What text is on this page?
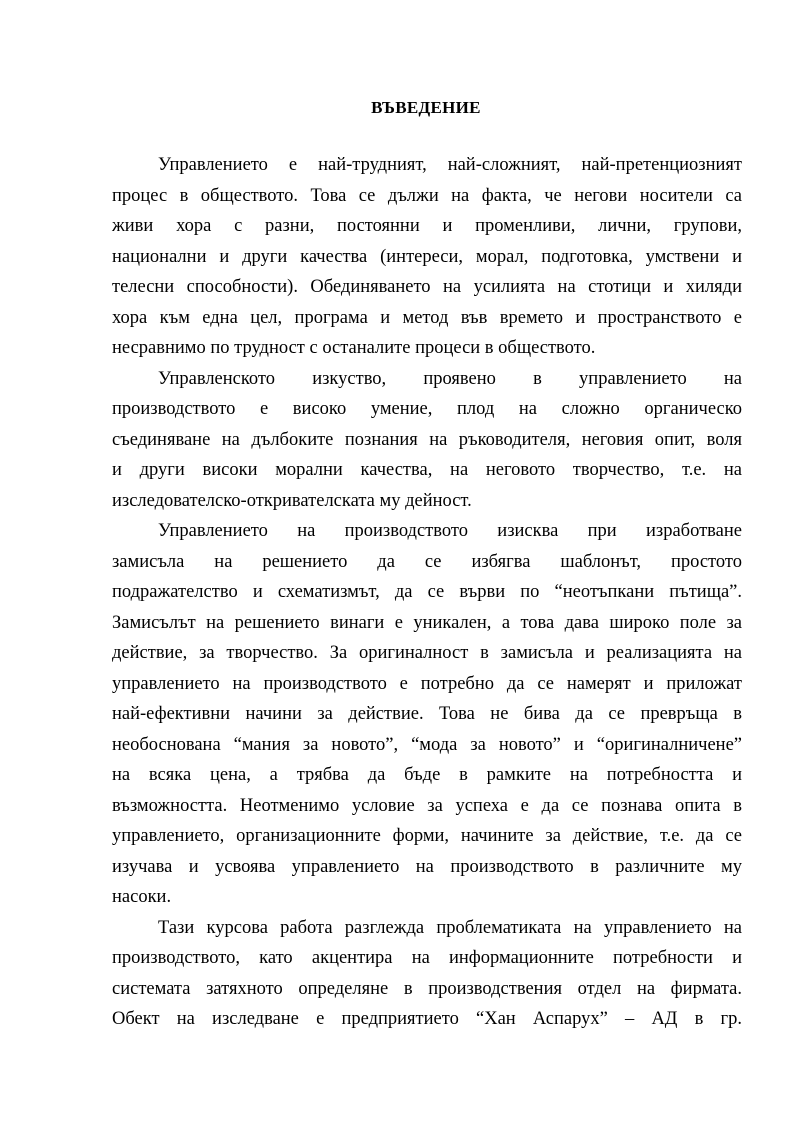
ВЪВЕДЕНИЕ
Управлението е най-трудният, най-сложният, най-претенциозният
процес в обществото. Това се дължи на факта, че негови носители са
живи хора с разни, постоянни и променливи, лични, групови,
национални и други качества (интереси, морал, подготовка, умствени и
телесни способности). Обединяването на усилията на стотици и хиляди
хора към една цел, програма и метод във времето и пространството е
несравнимо по трудност с останалите процеси в обществото.
Управленското изкуство, проявено в управлението на
производството е високо умение, плод на сложно органическо
съединяване на дълбоките познания на ръководителя, неговия опит, воля
и други високи морални качества, на неговото творчество, т.е. на
изследователско-откривателската му дейност.
Управлението на производството изисква при изработване
замисъла на решението да се избягва шаблонът, простото
подражателство и схематизмът, да се върви по “неотъпкани пътища”.
Замисълът на решението винаги е уникален, а това дава широко поле за
действие, за творчество. За оригиналност в замисъла и реализацията на
управлението на производството е потребно да се намерят и приложат
най-ефективни начини за действие. Това не бива да се превръща в
необоснована “мания за новото”, “мода за новото” и “оригиналничене”
на всяка цена, а трябва да бъде в рамките на потребността и
възможността. Неотменимо условие за успеха е да се познава опита в
управлението, организационните форми, начините за действие, т.е. да се
изучава и усвоява управлението на производството в различните му
насоки.
Тази курсова работа разглежда проблематиката на управлението на
производството, като акцентира на информационните потребности и
системата затяхното определяне в производствения отдел на фирмата.
Обект на изследване е предприятието “Хан Аспарух” – АД в гр.
